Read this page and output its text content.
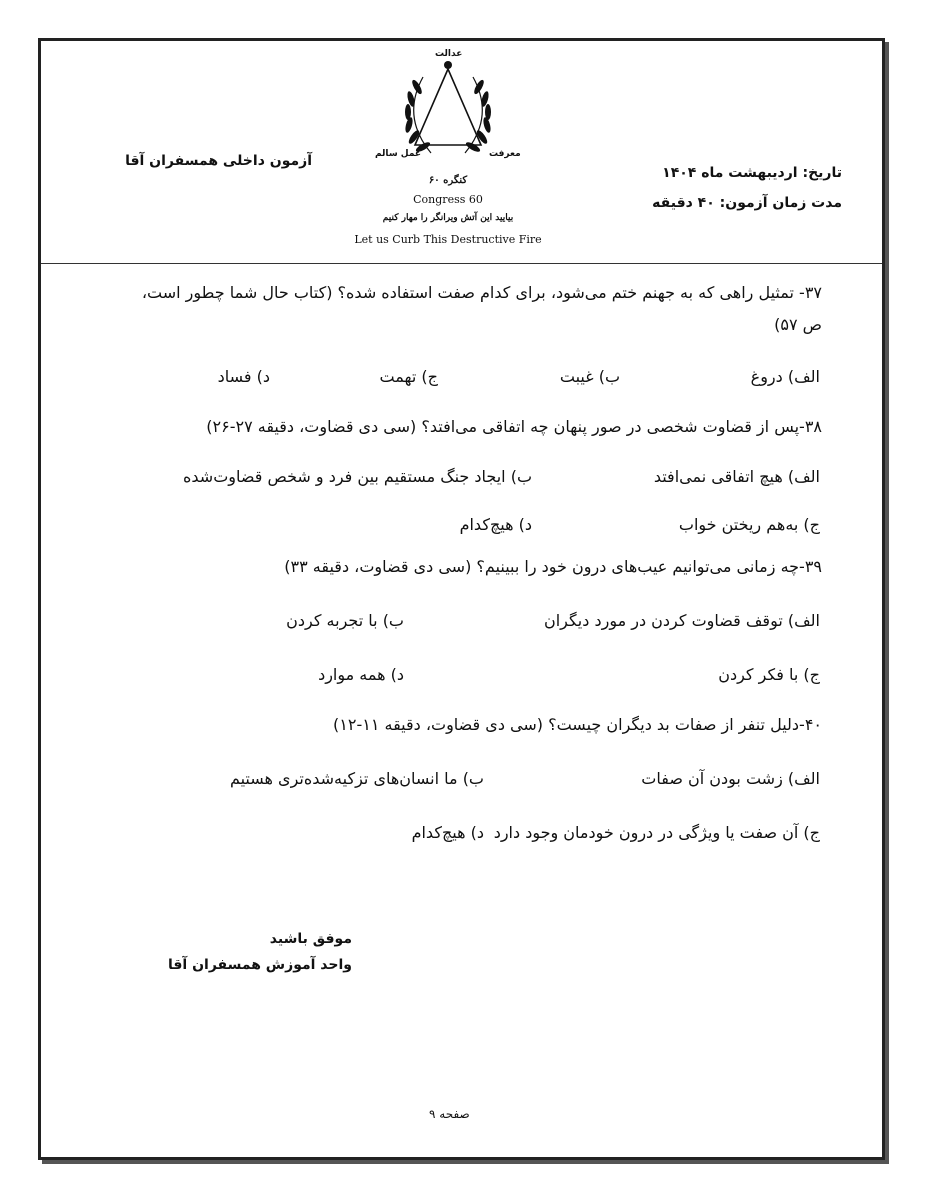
آزمون داخلی همسفران آقا
تاریخ: اردیبهشت ماه ۱۴۰۴
مدت زمان آزمون: ۴۰ دقیقه
عدالت
عمل سالم	معرفت
کنگره ۶۰
Congress 60
بیایید این آتش ویرانگر را مهار کنیم
Let us Curb This Destructive Fire
۳۷- تمثیل راهی که به جهنم ختم می‌شود، برای کدام صفت استفاده شده؟ (کتاب حال شما چطور است،
ص ۵۷)
الف) دروغ
ب) غیبت
ج) تهمت
د) فساد
۳۸-پس از قضاوت شخصی در صور پنهان چه اتفاقی می‌افتد؟ (سی دی قضاوت، دقیقه ۲۷-۲۶)
الف) هیچ اتفاقی نمی‌افتد
ب) ایجاد جنگ مستقیم بین فرد و شخص قضاوت‌شده
ج) به‌هم ریختن خواب
د) هیچ‌کدام
۳۹-چه زمانی می‌توانیم عیب‌های درون خود را ببینیم؟ (سی دی قضاوت، دقیقه ۳۳)
الف) توقف قضاوت کردن در مورد دیگران
ب) با تجربه کردن
ج) با فکر کردن
د) همه موارد
۴۰-دلیل تنفر از صفات بد دیگران چیست؟ (سی دی قضاوت، دقیقه ۱۱-۱۲)
الف) زشت بودن آن صفات
ب) ما انسان‌های تزکیه‌شده‌تری هستیم
ج) آن صفت یا ویژگی در درون خودمان وجود دارد
د) هیچ‌کدام
موفق باشید
واحد آموزش همسفران آقا
صفحه ۹
